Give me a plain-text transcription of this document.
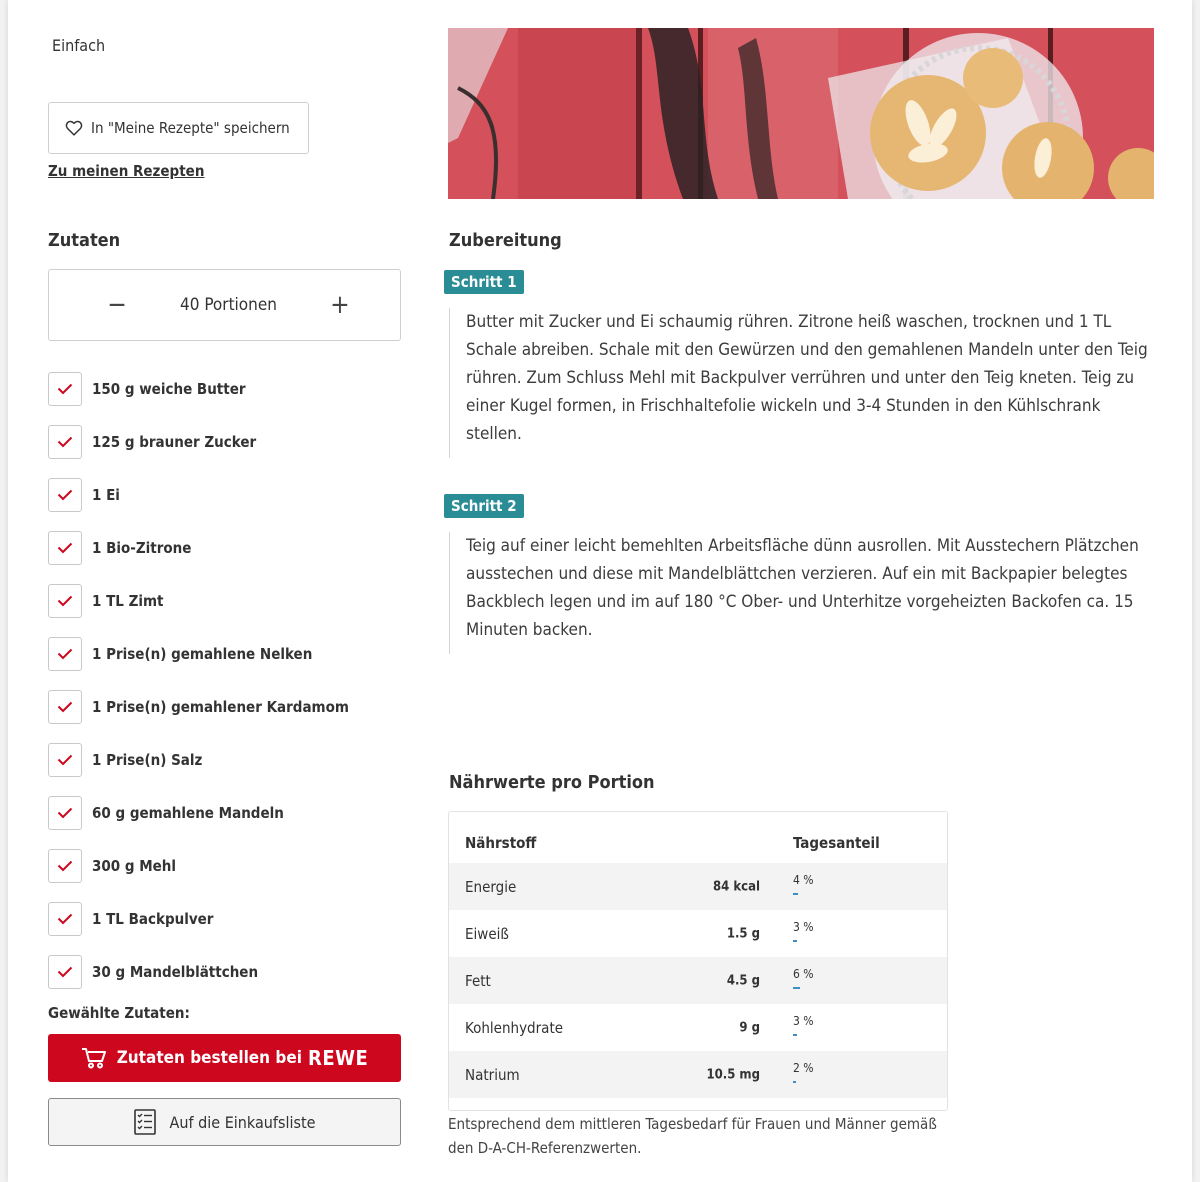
Einfach
In "Meine Rezepte" speichern
Zu meinen Rezepten
Zutaten
−	40 Portionen +
150 g weiche Butter
125 g brauner Zucker
1 Ei
1 Bio-Zitrone
1 TL Zimt
1 Prise(n) gemahlene Nelken
1 Prise(n) gemahlener Kardamom
1 Prise(n) Salz
60 g gemahlene Mandeln
300 g Mehl
1 TL Backpulver
30 g Mandelblättchen
Gewählte Zutaten:
Zutaten bestellen bei REWE
Auf die Einkaufsliste
Zubereitung
Schritt 1
Butter mit Zucker und Ei schaumig rühren. Zitrone heiß waschen, trocknen und 1 TL Schale abreiben. Schale mit den Gewürzen und den gemahlenen Mandeln unter den Teig rühren. Zum Schluss Mehl mit Backpulver verrühren und unter den Teig kneten. Teig zu einer Kugel formen, in Frischhaltefolie wickeln und 3-4 Stunden in den Kühlschrank stellen.
Schritt 2
Teig auf einer leicht bemehlten Arbeitsfläche dünn ausrollen. Mit Ausstechern Plätzchen ausstechen und diese mit Mandelblättchen verzieren. Auf ein mit Backpapier belegtes Backblech legen und im auf 180 °C Ober- und Unterhitze vorgeheizten Backofen ca. 15 Minuten backen.
Nährwerte pro Portion
Nährstoff	Tagesanteil
Energie	84 kcal	4 %
Eiweiß	1.5 g	3 %
Fett	4.5 g	6 %
Kohlenhydrate	9 g	3 %
Natrium	10.5 mg	2 %
Entsprechend dem mittleren Tagesbedarf für Frauen und Männer gemäß den D-A-CH-Referenzwerten.
